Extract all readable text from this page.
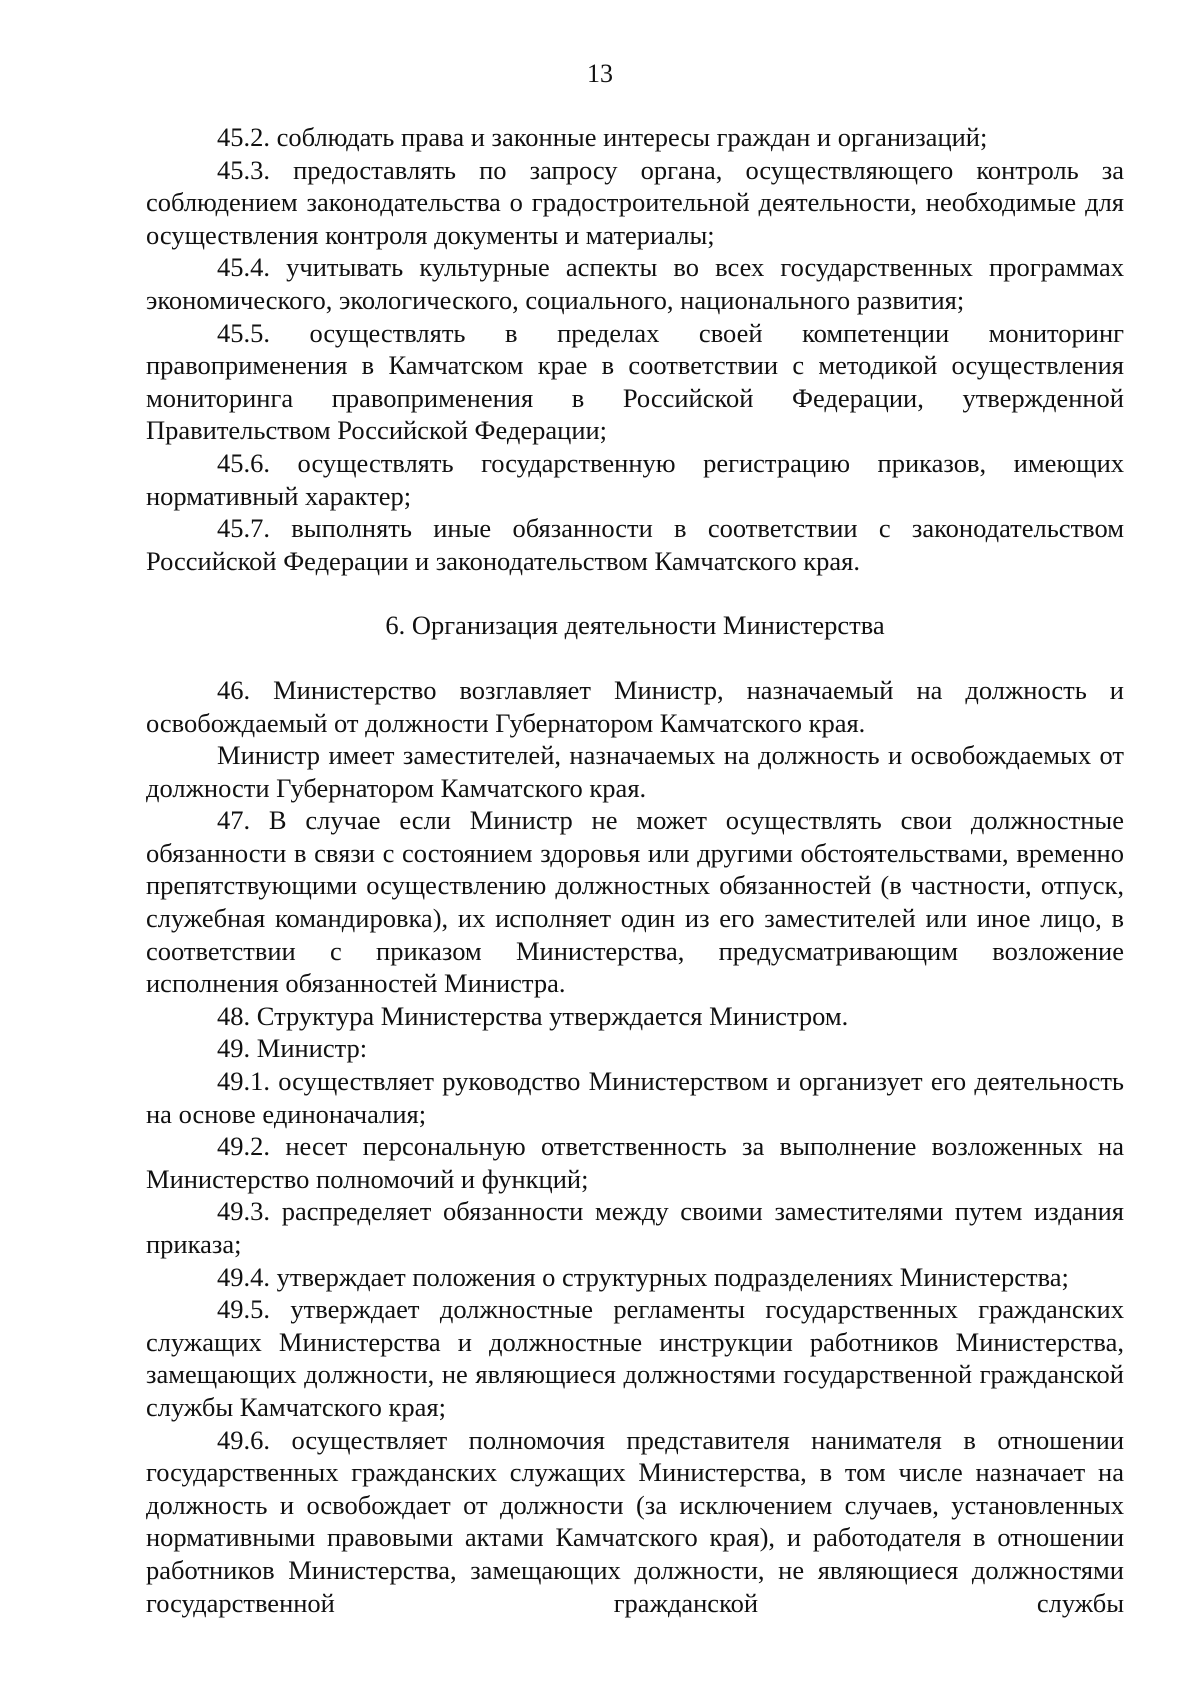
13

45.2. соблюдать права и законные интересы граждан и организаций;

45.3. предоставлять по запросу органа, осуществляющего контроль за соблюдением законодательства о градостроительной деятельности, необходимые для осуществления контроля документы и материалы;

45.4. учитывать культурные аспекты во всех государственных программах экономического, экологического, социального, национального развития;

45.5. осуществлять в пределах своей компетенции мониторинг правоприменения в Камчатском крае в соответствии с методикой осуществления мониторинга правоприменения в Российской Федерации, утвержденной Правительством Российской Федерации;

45.6. осуществлять государственную регистрацию приказов, имеющих нормативный характер;

45.7. выполнять иные обязанности в соответствии с законодательством Российской Федерации и законодательством Камчатского края.

6. Организация деятельности Министерства

46. Министерство возглавляет Министр, назначаемый на должность и освобождаемый от должности Губернатором Камчатского края.

Министр имеет заместителей, назначаемых на должность и освобождаемых от должности Губернатором Камчатского края.

47. В случае если Министр не может осуществлять свои должностные обязанности в связи с состоянием здоровья или другими обстоятельствами, временно препятствующими осуществлению должностных обязанностей (в частности, отпуск, служебная командировка), их исполняет один из его заместителей или иное лицо, в соответствии с приказом Министерства, предусматривающим возложение исполнения обязанностей Министра.

48. Структура Министерства утверждается Министром.

49. Министр:

49.1. осуществляет руководство Министерством и организует его деятельность на основе единоначалия;

49.2. несет персональную ответственность за выполнение возложенных на Министерство полномочий и функций;

49.3. распределяет обязанности между своими заместителями путем издания приказа;

49.4. утверждает положения о структурных подразделениях Министерства;

49.5. утверждает должностные регламенты государственных гражданских служащих Министерства и должностные инструкции работников Министерства, замещающих должности, не являющиеся должностями государственной гражданской службы Камчатского края;

49.6. осуществляет полномочия представителя нанимателя в отношении государственных гражданских служащих Министерства, в том числе назначает на должность и освобождает от должности (за исключением случаев, установленных нормативными правовыми актами Камчатского края), и работодателя в отношении работников Министерства, замещающих должности, не являющиеся должностями государственной гражданской службы
